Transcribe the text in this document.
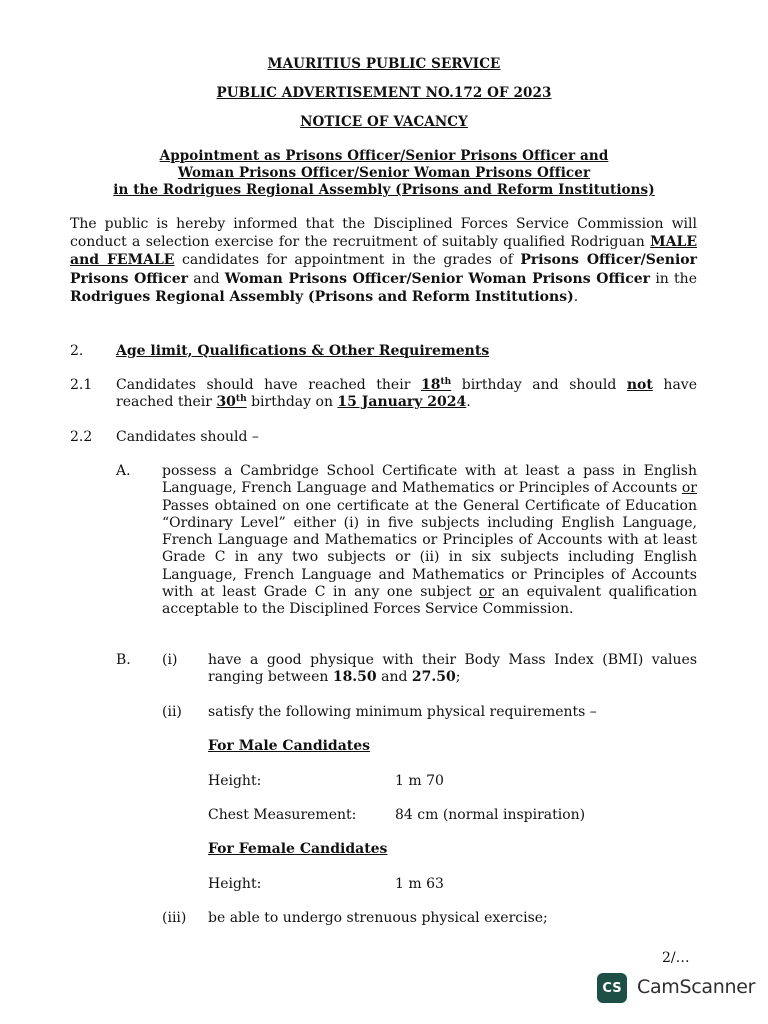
MAURITIUS PUBLIC SERVICE
PUBLIC ADVERTISEMENT NO.172 OF 2023
NOTICE OF VACANCY
Appointment as Prisons Officer/Senior Prisons Officer and
Woman Prisons Officer/Senior Woman Prisons Officer
in the Rodrigues Regional Assembly (Prisons and Reform Institutions)
The public is hereby informed that the Disciplined Forces Service Commission will conduct a selection exercise for the recruitment of suitably qualified Rodriguan MALE and FEMALE candidates for appointment in the grades of Prisons Officer/Senior Prisons Officer and Woman Prisons Officer/Senior Woman Prisons Officer in the Rodrigues Regional Assembly (Prisons and Reform Institutions).
2. Age limit, Qualifications & Other Requirements
2.1 Candidates should have reached their 18th birthday and should not have reached their 30th birthday on 15 January 2024.
2.2 Candidates should –
A. possess a Cambridge School Certificate with at least a pass in English Language, French Language and Mathematics or Principles of Accounts or Passes obtained on one certificate at the General Certificate of Education “Ordinary Level” either (i) in five subjects including English Language, French Language and Mathematics or Principles of Accounts with at least Grade C in any two subjects or (ii) in six subjects including English Language, French Language and Mathematics or Principles of Accounts with at least Grade C in any one subject or an equivalent qualification acceptable to the Disciplined Forces Service Commission.
B. (i) have a good physique with their Body Mass Index (BMI) values ranging between 18.50 and 27.50;
(ii) satisfy the following minimum physical requirements –
For Male Candidates
Height:	1 m 70
Chest Measurement:	84 cm (normal inspiration)
For Female Candidates
Height:	1 m 63
(iii) be able to undergo strenuous physical exercise;
2/…
CS CamScanner
